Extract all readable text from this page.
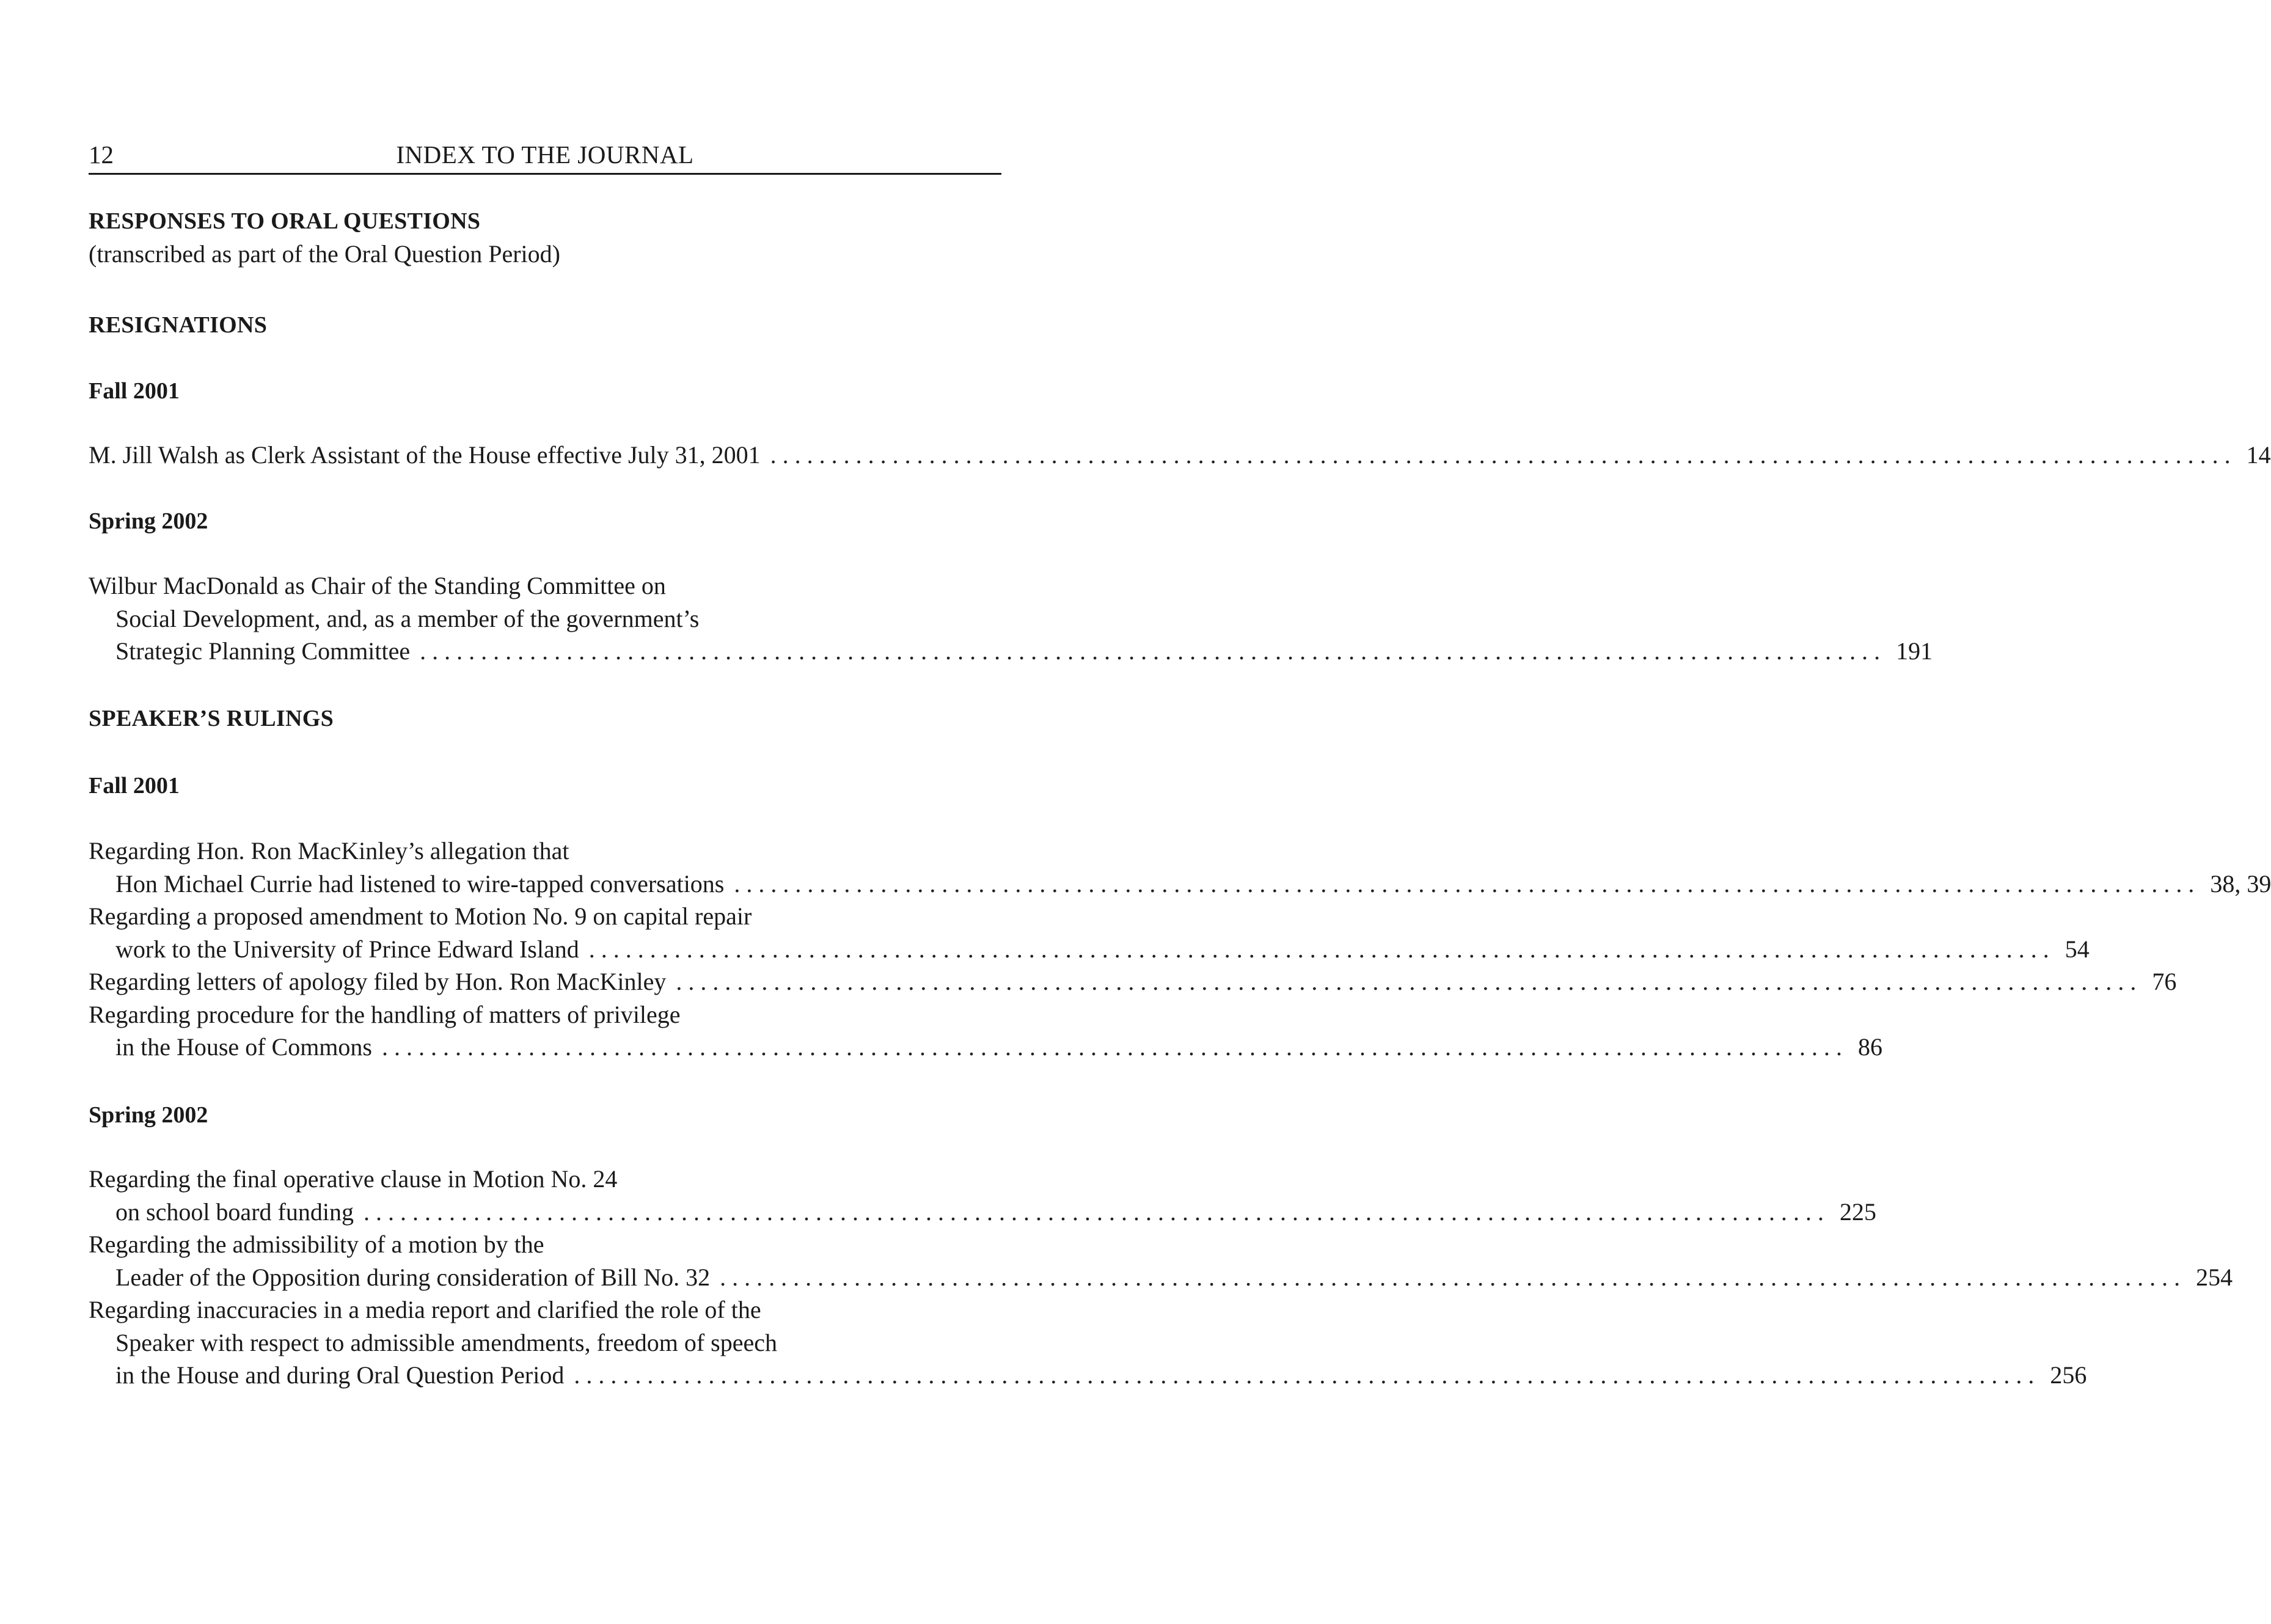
12	INDEX TO THE JOURNAL
RESPONSES TO ORAL QUESTIONS
(transcribed as part of the Oral Question Period)
RESIGNATIONS
Fall 2001
M. Jill Walsh as Clerk Assistant of the House effective July 31, 2001 ........................................................................................................................ 14
Spring 2002
Wilbur MacDonald as Chair of the Standing Committee on
Social Development, and, as a member of the government’s
Strategic Planning Committee ........................................................................................................................ 191
SPEAKER’S RULINGS
Fall 2001
Regarding Hon. Ron MacKinley’s allegation that
Hon Michael Currie had listened to wire-tapped conversations ........................................................................................................................ 38, 39
Regarding a proposed amendment to Motion No. 9 on capital repair
work to the University of Prince Edward Island ........................................................................................................................ 54
Regarding letters of apology filed by Hon. Ron MacKinley ........................................................................................................................ 76
Regarding procedure for the handling of matters of privilege
in the House of Commons ........................................................................................................................ 86
Spring 2002
Regarding the final operative clause in Motion No. 24
on school board funding ........................................................................................................................ 225
Regarding the admissibility of a motion by the
Leader of the Opposition during consideration of Bill No. 32 ........................................................................................................................ 254
Regarding inaccuracies in a media report and clarified the role of the
Speaker with respect to admissible amendments, freedom of speech
in the House and during Oral Question Period ........................................................................................................................ 256
